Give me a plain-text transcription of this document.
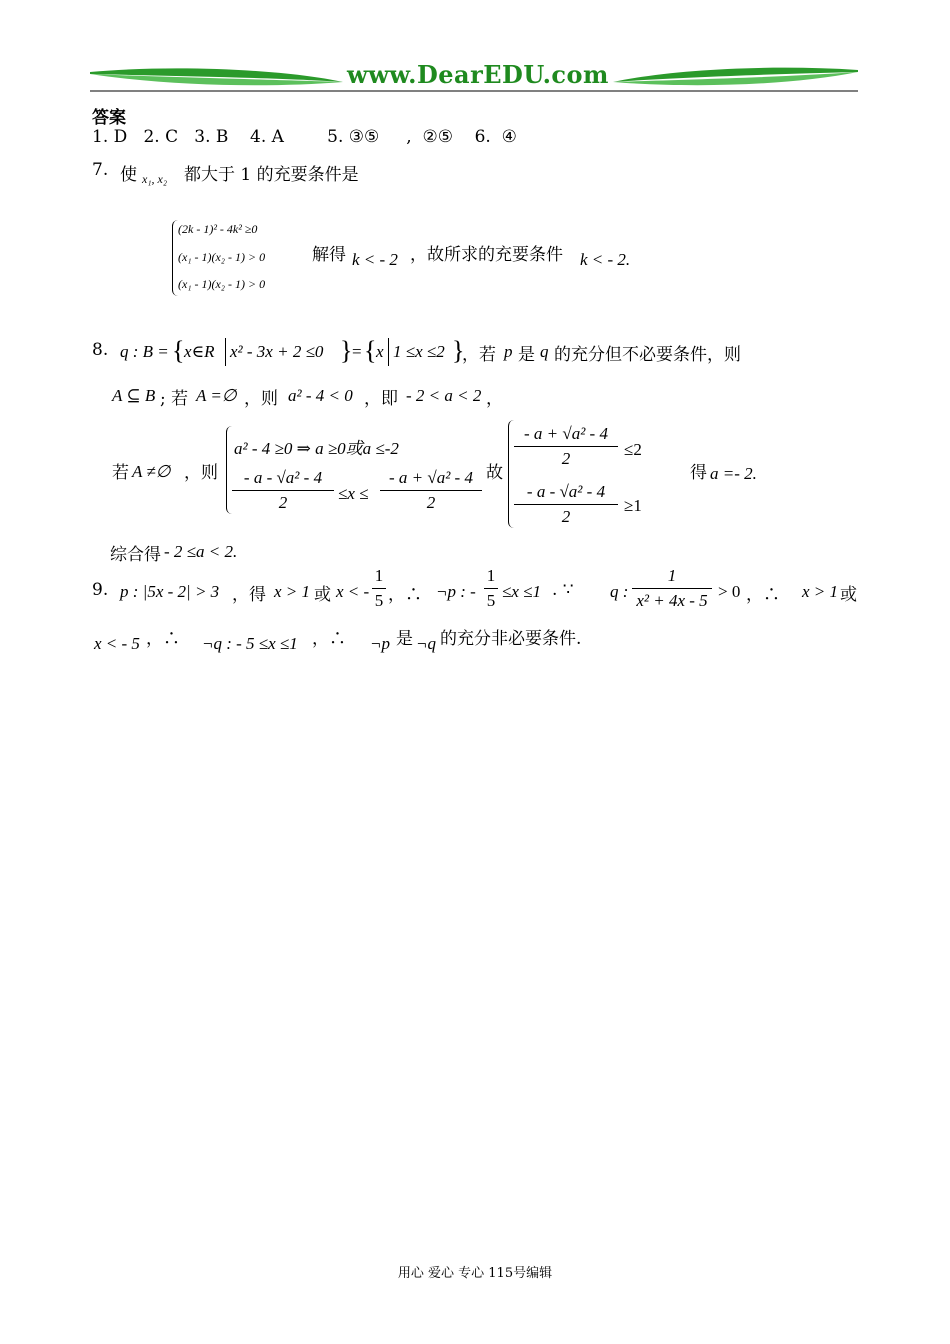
www.DearEDU.com
答案
1. D   2. C   3. B    4. A        5. ③⑤     ,  ②⑤    6.  ④
7. 使 x₁, x₂ 都大于 1 的充要条件是
(2k - 1)² - 4k² ≥0
(x₁ - 1)(x₂ - 1) > 0
(x₁ - 1)(x₂ - 1) > 0
解得 k < - 2 ，故所求的充要条件 k < - 2.
8. q : B = { x∈R x² - 3x + 2 ≤0 } = { x 1 ≤x ≤2 }
，若 p 是 q 的充分但不必要条件，则
A ⊆ B ; 若 A =∅ ，则 a² - 4 < 0 ，即 - 2 < a < 2 ，
若 A ≠∅ ，则
a² - 4 ≥0 ⇒ a ≥0或a ≤-2
- a - √a² - 4
2	≤x ≤
- a + √a² - 4
2
故
- a + √a² - 4
2	≤2
- a - √a² - 4
2
≥1
得 a =- 2.
综合得 - 2 ≤a < 2.
9. p : |5x - 2| > 3 ，得 x > 1 或 x < -
1
5 ，∴ ¬p : -
1
5 ≤x ≤1 . ∵ q :
1
x² + 4x - 5 > 0 ，∴ x > 1 或
x < - 5 ，∴ ¬q : - 5 ≤x ≤1 ，∴ ¬p 是 ¬q 的充分非必要条件.
用心 爱心 专心 115号编辑
